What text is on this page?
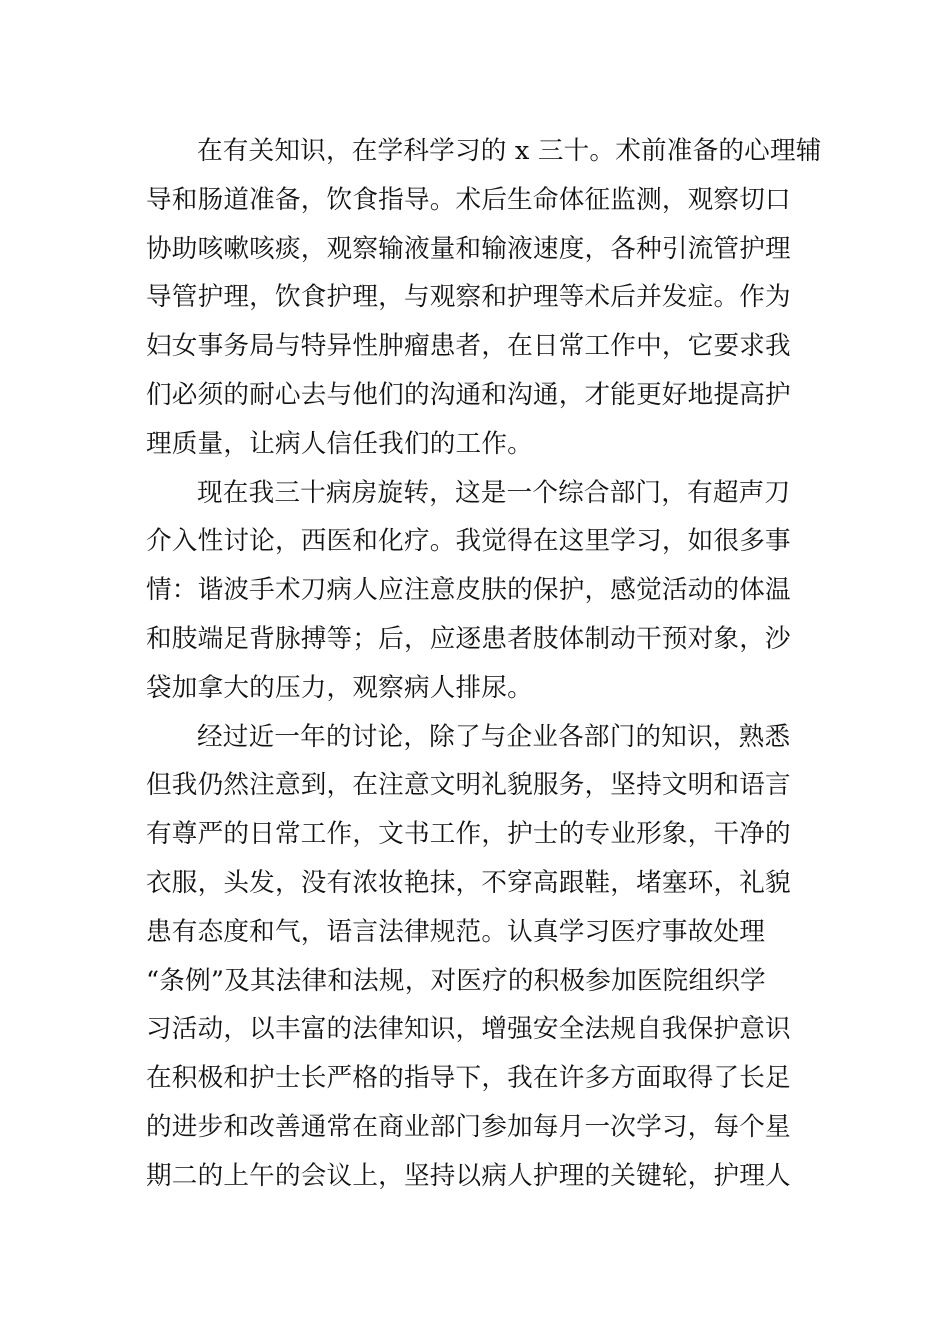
在有关知识，在学科学习的 x 三十。术前准备的心理辅
导和肠道准备，饮食指导。术后生命体征监测，观察切口
协助咳嗽咳痰，观察输液量和输液速度，各种引流管护理
导管护理，饮食护理，与观察和护理等术后并发症。作为
妇女事务局与特异性肿瘤患者，在日常工作中，它要求我
们必须的耐心去与他们的沟通和沟通，才能更好地提高护
理质量，让病人信任我们的工作。
现在我三十病房旋转，这是一个综合部门，有超声刀
介入性讨论，西医和化疗。我觉得在这里学习，如很多事
情：谐波手术刀病人应注意皮肤的保护，感觉活动的体温
和肢端足背脉搏等；后，应逐患者肢体制动干预对象，沙
袋加拿大的压力，观察病人排尿。
经过近一年的讨论，除了与企业各部门的知识，熟悉
但我仍然注意到，在注意文明礼貌服务，坚持文明和语言
有尊严的日常工作，文书工作，护士的专业形象，干净的
衣服，头发，没有浓妆艳抹，不穿高跟鞋，堵塞环，礼貌
患有态度和气，语言法律规范。认真学习医疗事故处理
“条例”及其法律和法规，对医疗的积极参加医院组织学
习活动，以丰富的法律知识，增强安全法规自我保护意识
在积极和护士长严格的指导下，我在许多方面取得了长足
的进步和改善通常在商业部门参加每月一次学习，每个星
期二的上午的会议上，坚持以病人护理的关键轮，护理人
